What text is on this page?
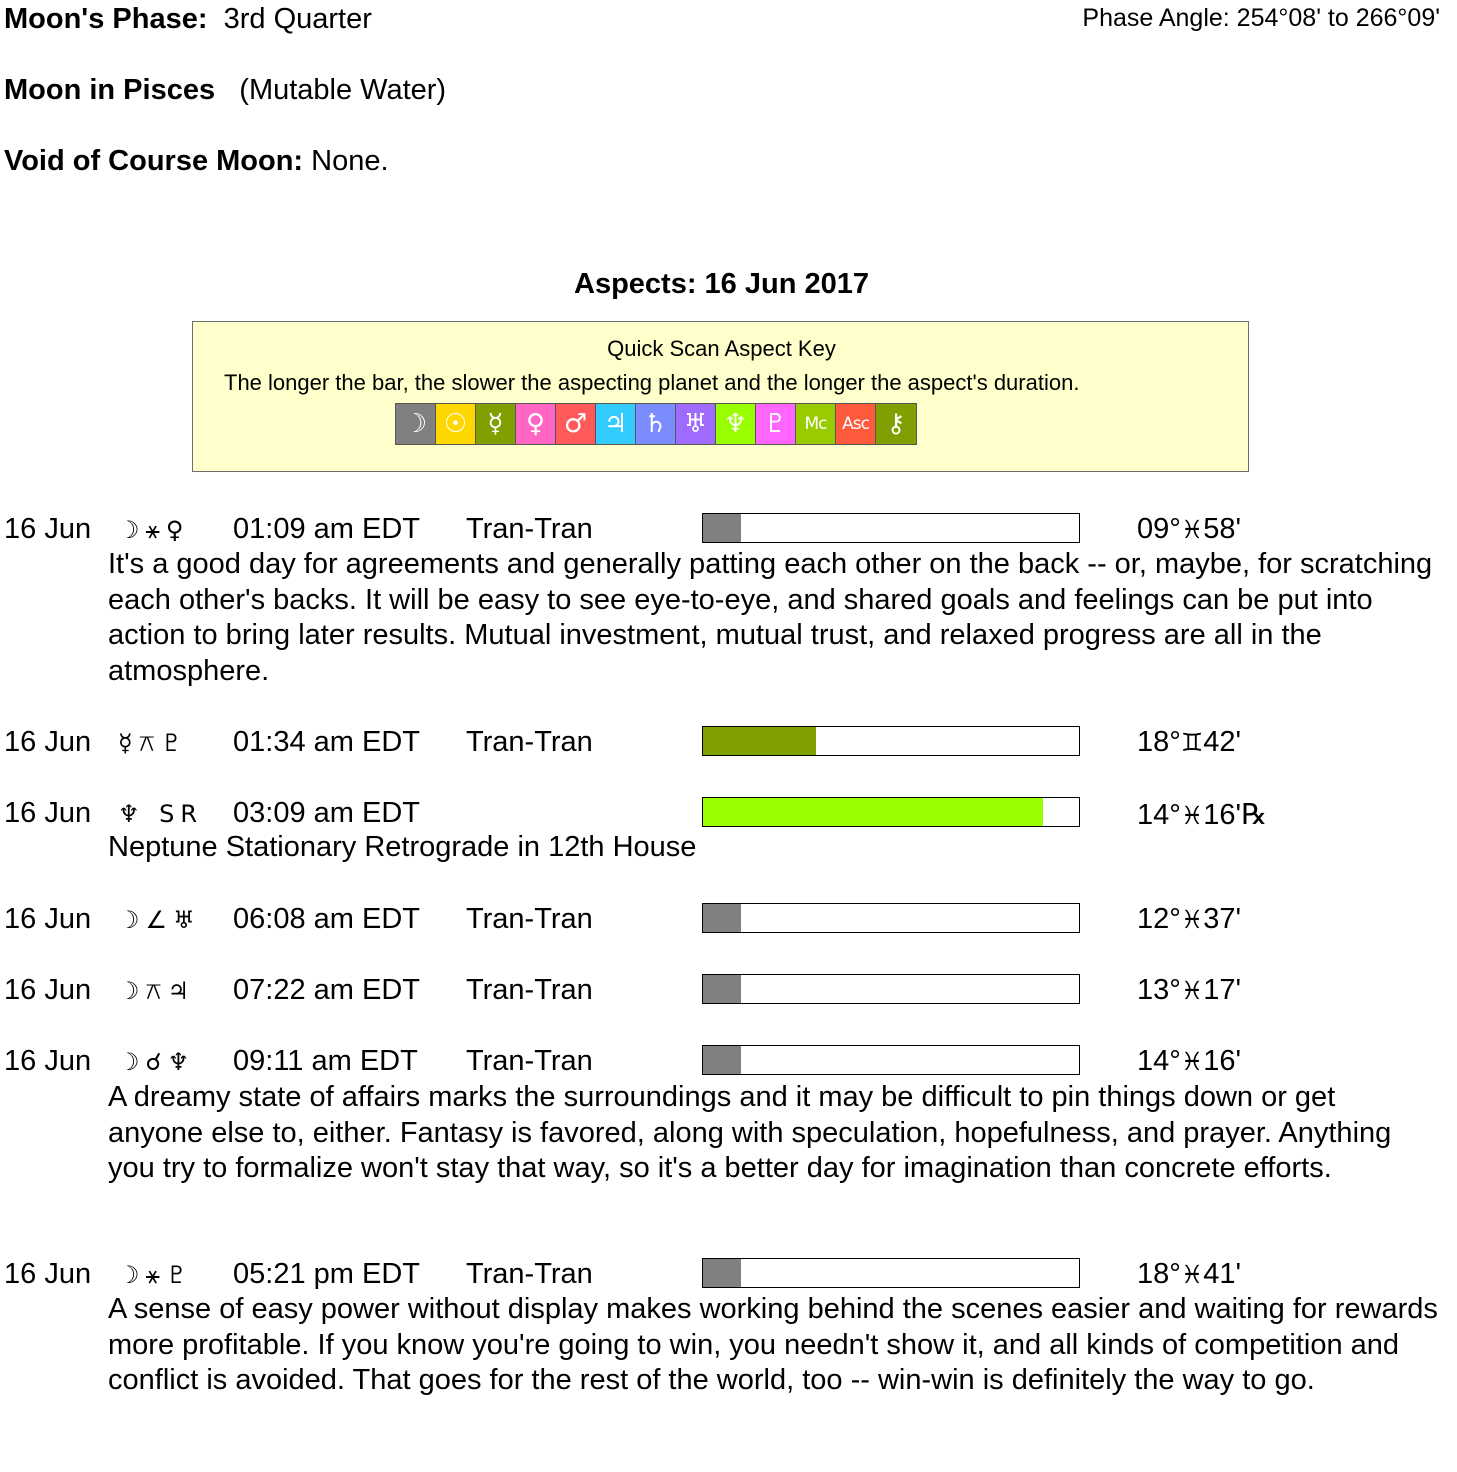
Moon's Phase: 3rd Quarter	Phase Angle: 254°08' to 266°09'
Moon in Pisces (Mutable Water)
Void of Course Moon: None.
Aspects: 16 Jun 2017
Quick Scan Aspect Key
The longer the bar, the slower the aspecting planet and the longer the aspect's duration.
☽ ☉ ☿ ♀ ♂ ♃ ♄ ♅ ♆ ♇	Mc Asc ⚷
16 Jun ☽⚹♀ 01:09 am EDT Tran-Tran	09°♓58'
It's a good day for agreements and generally patting each other on the back -- or, maybe, for scratching each other's backs. It will be easy to see eye-to-eye, and shared goals and feelings can be put into action to bring later results. Mutual investment, mutual trust, and relaxed progress are all in the atmosphere.
16 Jun ☿⚻♇ 01:34 am EDT Tran-Tran	18°♊42'
16 Jun ♆ SR 03:09 am EDT	14°♓16'℞
Neptune Stationary Retrograde in 12th House
16 Jun ☽∠♅ 06:08 am EDT Tran-Tran	12°♓37'
16 Jun ☽⚻♃ 07:22 am EDT Tran-Tran	13°♓17'
16 Jun ☽☌♆ 09:11 am EDT Tran-Tran	14°♓16'
A dreamy state of affairs marks the surroundings and it may be difficult to pin things down or get anyone else to, either. Fantasy is favored, along with speculation, hopefulness, and prayer. Anything you try to formalize won't stay that way, so it's a better day for imagination than concrete efforts.
16 Jun ☽⚹♇ 05:21 pm EDT Tran-Tran	18°♓41'
A sense of easy power without display makes working behind the scenes easier and waiting for rewards more profitable. If you know you're going to win, you needn't show it, and all kinds of competition and conflict is avoided. That goes for the rest of the world, too -- win-win is definitely the way to go.
